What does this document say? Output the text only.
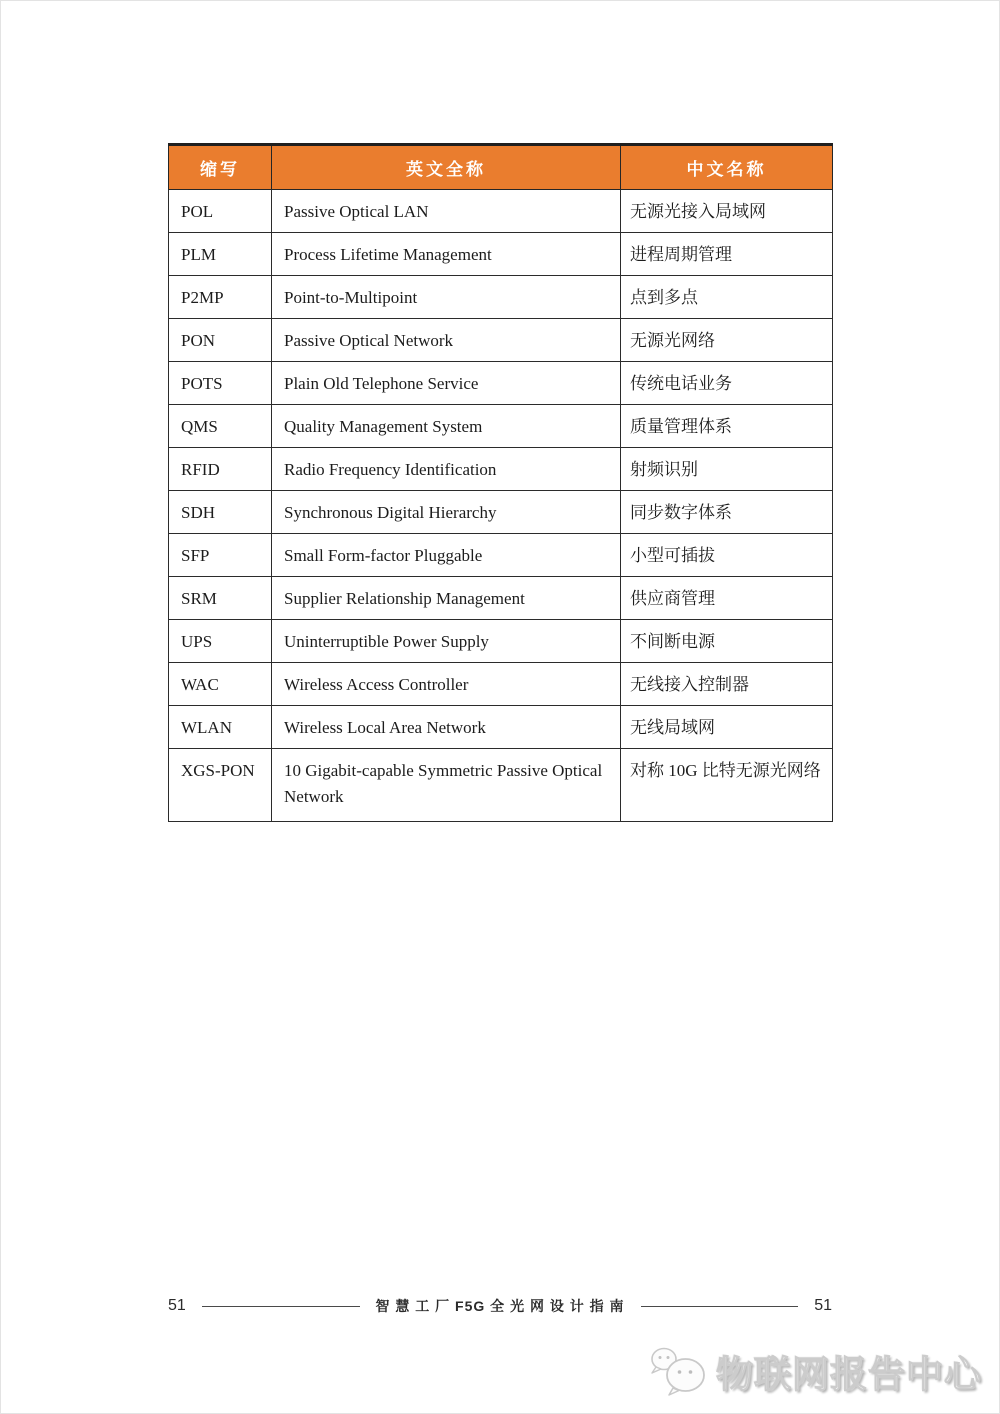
缩写	英文全称	中文名称
POL	Passive Optical LAN	无源光接入局域网
PLM	Process Lifetime Management	进程周期管理
P2MP	Point-to-Multipoint	点到多点
PON	Passive Optical Network	无源光网络
POTS	Plain Old Telephone Service	传统电话业务
QMS	Quality Management System	质量管理体系
RFID	Radio Frequency Identification	射频识别
SDH	Synchronous Digital Hierarchy	同步数字体系
SFP	Small Form-factor Pluggable	小型可插拔
SRM	Supplier Relationship Management	供应商管理
UPS	Uninterruptible Power Supply	不间断电源
WAC	Wireless Access Controller	无线接入控制器
WLAN	Wireless Local Area Network	无线局域网
XGS-PON	10 Gigabit-capable Symmetric Passive Optical Network	对称 10G 比特无源光网络
51	智 慧 工 厂 F5G 全 光 网 设 计 指 南	51
物联网报告中心
